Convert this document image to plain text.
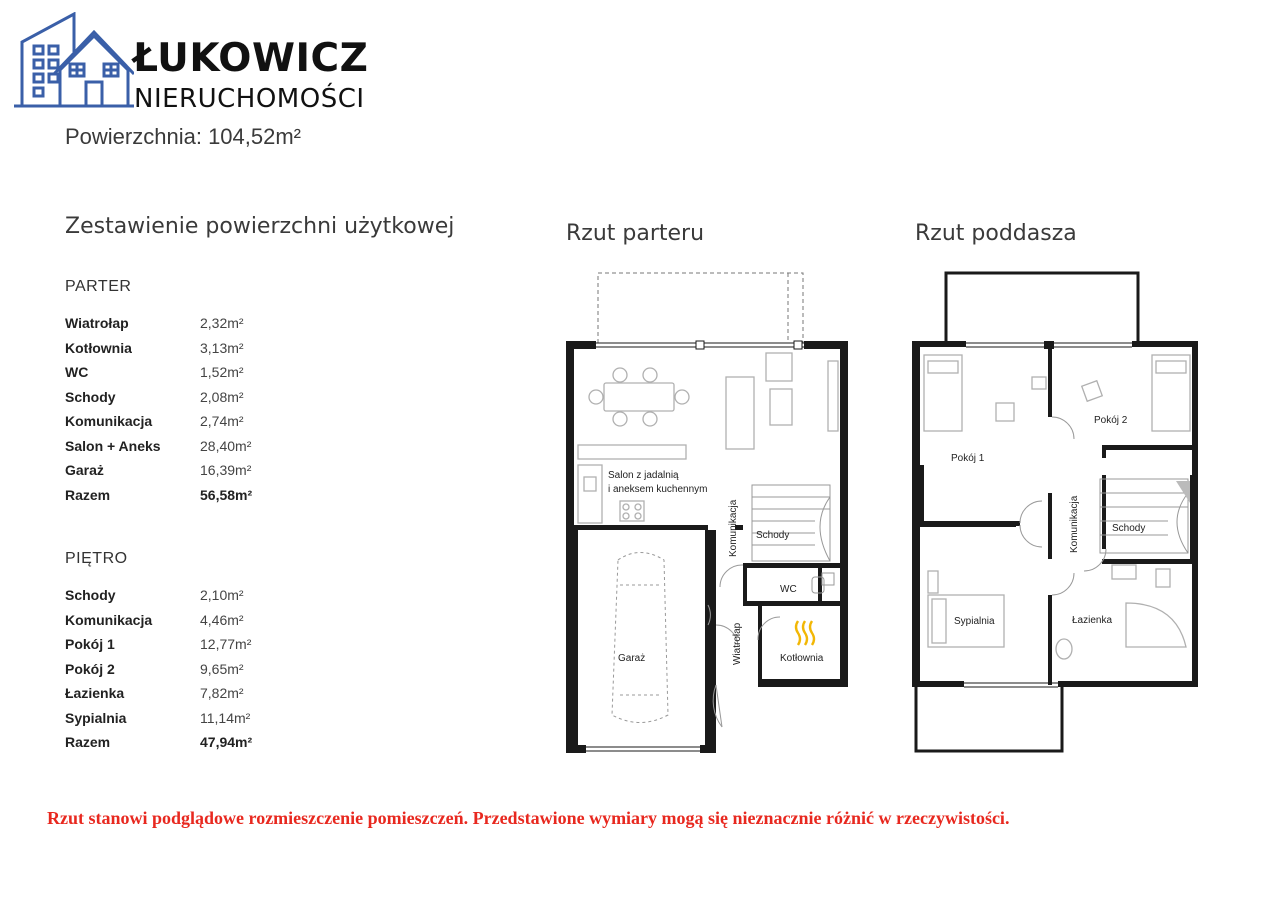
ŁUKOWICZ
NIERUCHOMOŚCI
Powierzchnia: 104,52m²
Zestawienie powierzchni użytkowej
PARTER
Wiatrołap	2,32m²
Kotłownia	3,13m²
WC	1,52m²
Schody	2,08m²
Komunikacja	2,74m²
Salon + Aneks	28,40m²
Garaż	16,39m²
Razem	56,58m²
PIĘTRO
Schody	2,10m²
Komunikacja	4,46m²
Pokój 1	12,77m²
Pokój 2	9,65m²
Łazienka	7,82m²
Sypialnia	11,14m²
Razem	47,94m²
Rzut parteru	Rzut poddasza
Salon z jadalnią
i aneksem kuchennym
Komunikacja Schody
WC
Wiatrołap	Kotłownia
Garaż
Pokój 1
Pokój 2
Komunikacja	Schody
Sypialnia	Łazienka
Rzut stanowi podglądowe rozmieszczenie pomieszczeń. Przedstawione wymiary mogą się nieznacznie różnić w rzeczywistości.
